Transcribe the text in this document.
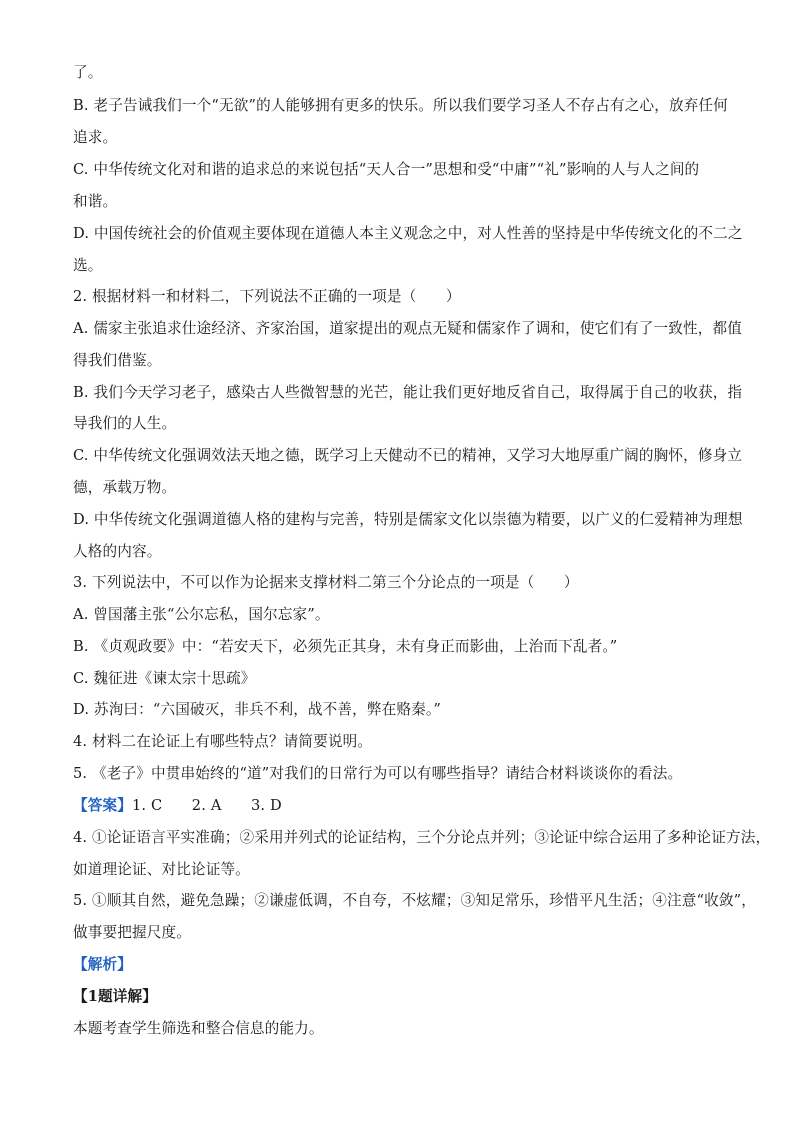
了。
B. 老子告诫我们一个“无欲”的人能够拥有更多的快乐。所以我们要学习圣人不存占有之心，放弃任何
追求。
C. 中华传统文化对和谐的追求总的来说包括“天人合一”思想和受“中庸”“礼”影响的人与人之间的
和谐。
D. 中国传统社会的价值观主要体现在道德人本主义观念之中，对人性善的坚持是中华传统文化的不二之
选。
2. 根据材料一和材料二，下列说法不正确的一项是（　　）
A. 儒家主张追求仕途经济、齐家治国，道家提出的观点无疑和儒家作了调和，使它们有了一致性，都值
得我们借鉴。
B. 我们今天学习老子，感染古人些微智慧的光芒，能让我们更好地反省自己，取得属于自己的收获，指
导我们的人生。
C. 中华传统文化强调效法天地之德，既学习上天健动不已的精神，又学习大地厚重广阔的胸怀，修身立
德，承载万物。
D. 中华传统文化强调道德人格的建构与完善，特别是儒家文化以崇德为精要，以广义的仁爱精神为理想
人格的内容。
3. 下列说法中，不可以作为论据来支撑材料二第三个分论点的一项是（　　）
A. 曾国藩主张“公尔忘私，国尔忘家”。
B. 《贞观政要》中：“若安天下，必须先正其身，未有身正而影曲，上治而下乱者。”
C. 魏征进《谏太宗十思疏》
D. 苏洵曰：“六国破灭，非兵不利，战不善，弊在赂秦。”
4. 材料二在论证上有哪些特点？请简要说明。
5. 《老子》中贯串始终的“道”对我们的日常行为可以有哪些指导？请结合材料谈谈你的看法。
【答案】1. C　　2. A　　3. D
4. ①论证语言平实准确；②采用并列式的论证结构，三个分论点并列；③论证中综合运用了多种论证方法，
如道理论证、对比论证等。
5. ①顺其自然，避免急躁；②谦虚低调，不自夸，不炫耀；③知足常乐，珍惜平凡生活；④注意“收敛”，
做事要把握尺度。
【解析】
【1题详解】
本题考查学生筛选和整合信息的能力。
